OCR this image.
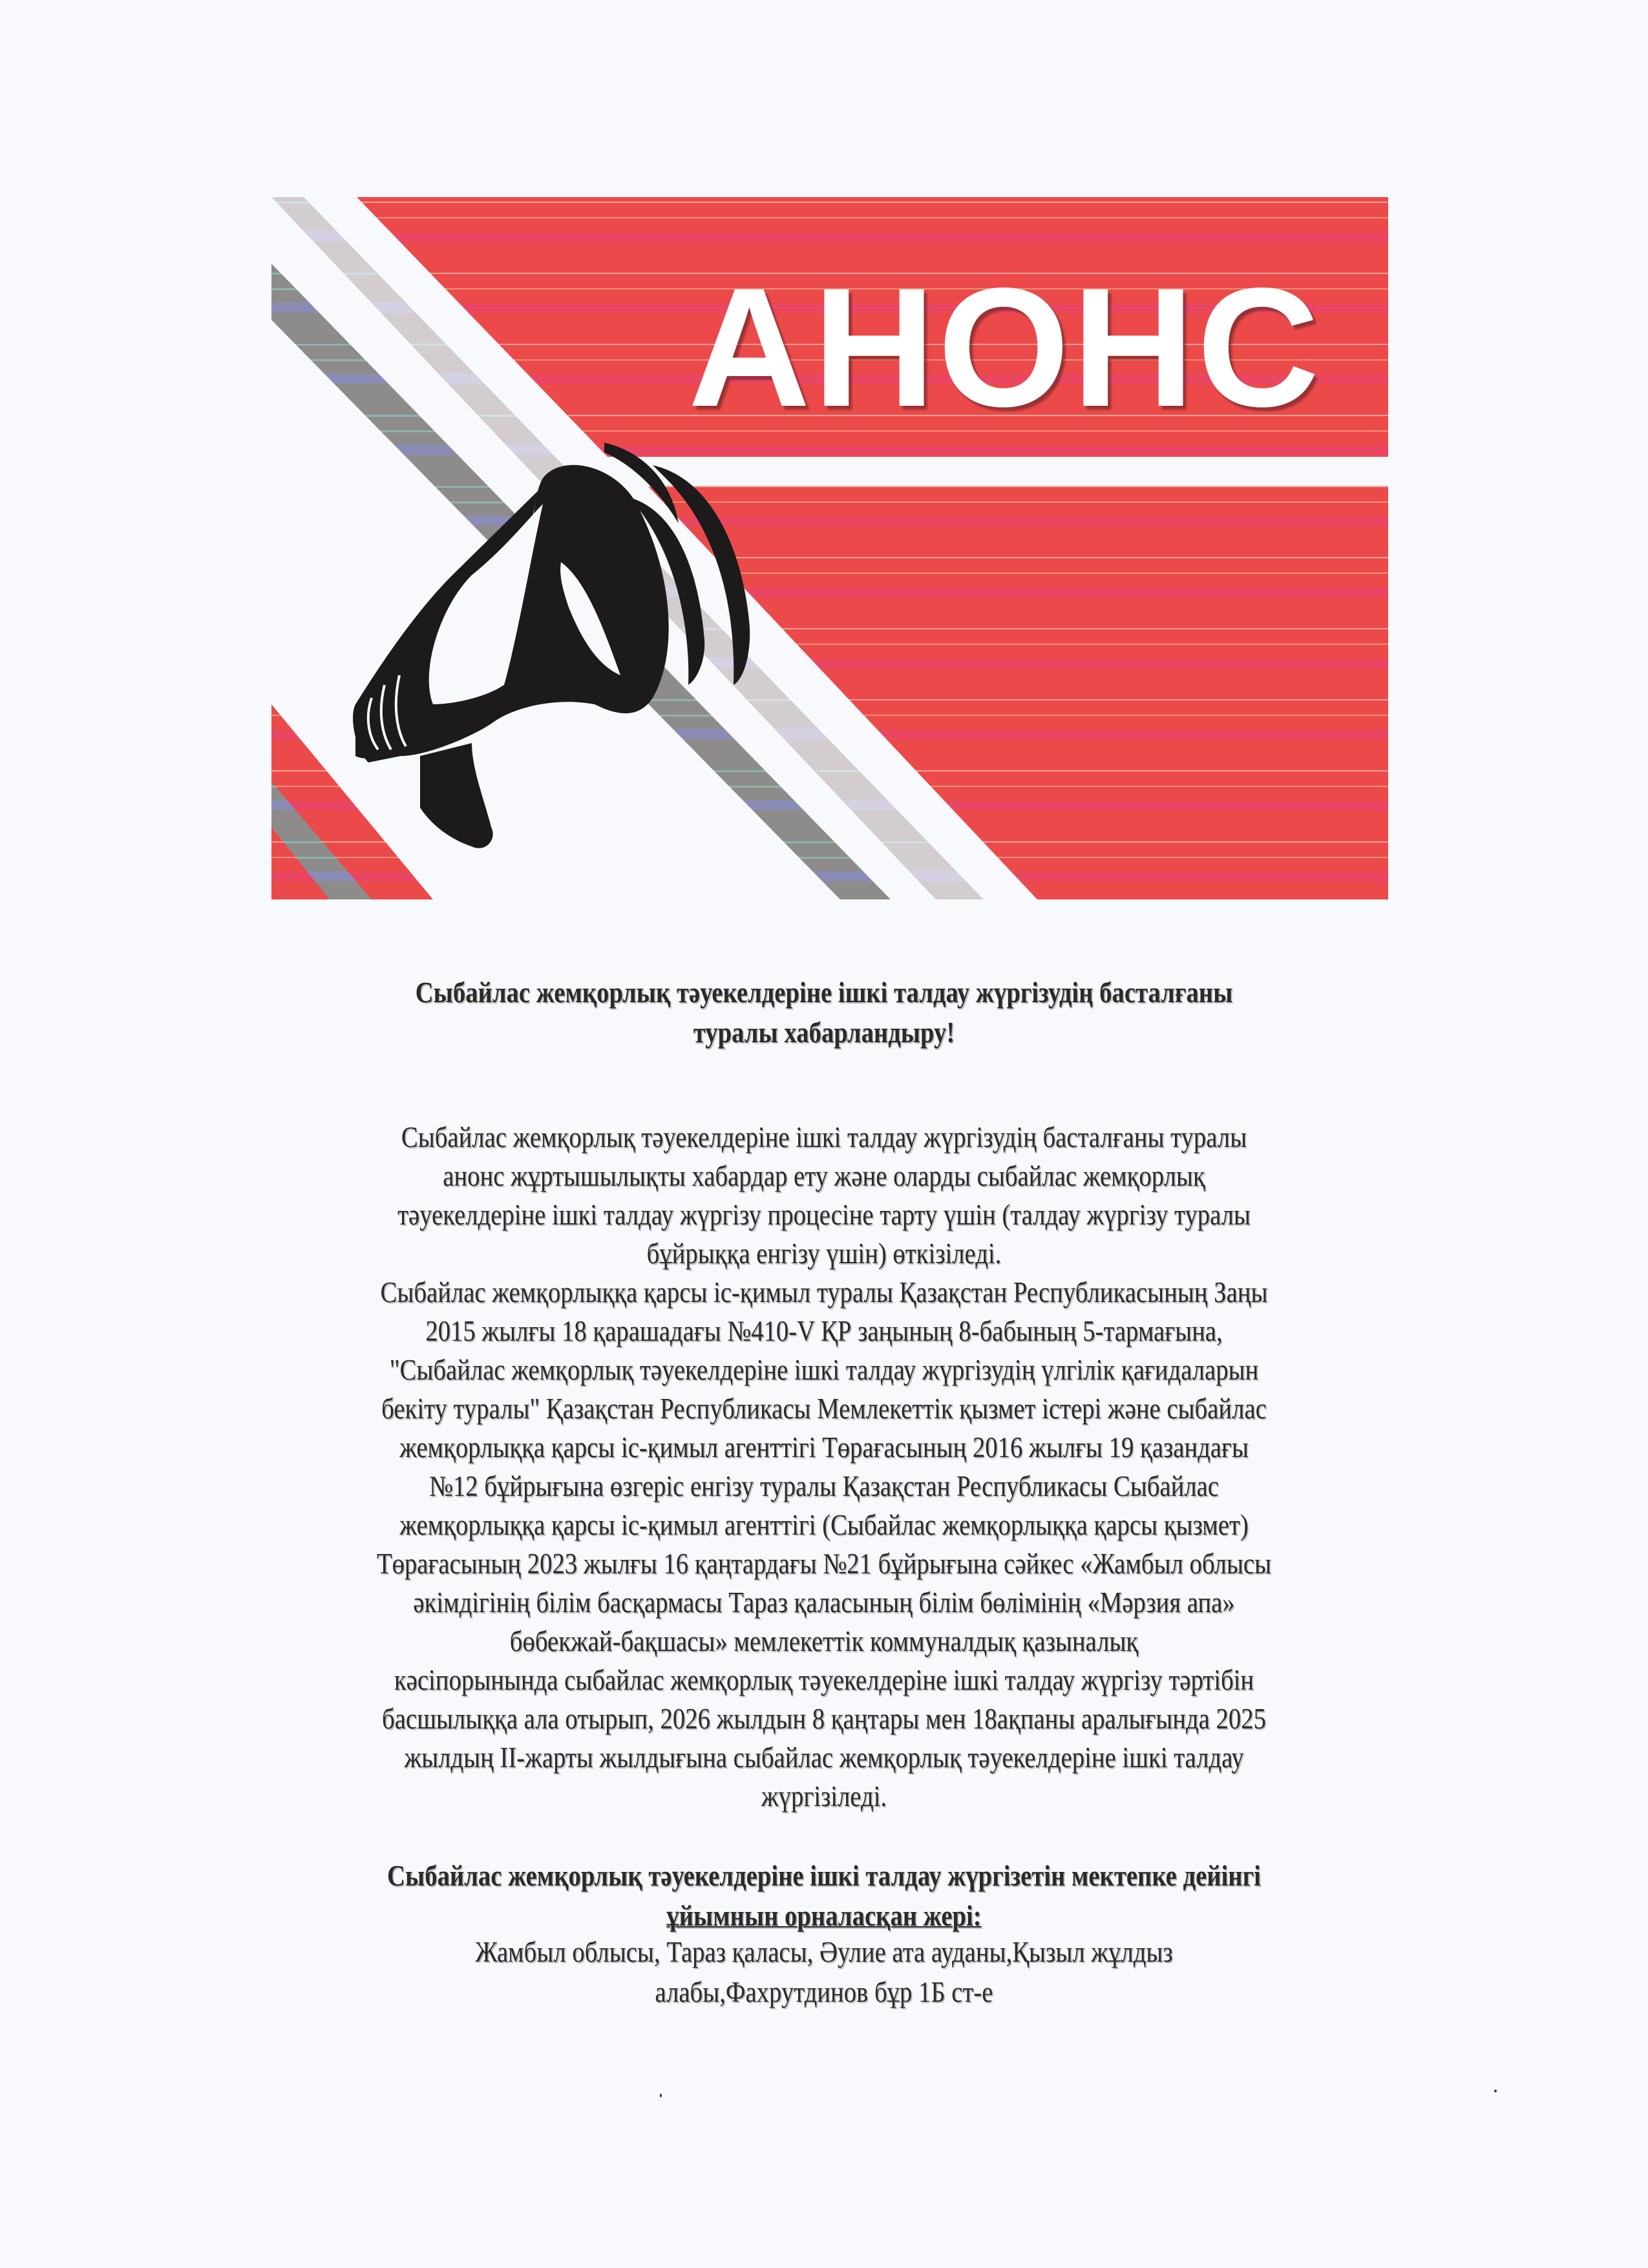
АНОНС
Сыбайлас жемқорлық тәуекелдеріне ішкі талдау жүргізудің басталғаны
туралы хабарландыру!
Сыбайлас жемқорлық тәуекелдеріне ішкі талдау жүргізудің басталғаны туралы
анонс жұртышылықты хабардар ету және оларды сыбайлас жемқорлық
тәуекелдеріне ішкі талдау жүргізу процесіне тарту үшін (талдау жүргізу туралы
бұйрыққа енгізу үшін) өткізіледі.
Сыбайлас жемқорлыққа қарсы іс-қимыл туралы Қазақстан Республикасының Заңы
2015 жылғы 18 қарашадағы №410-V ҚР заңының 8-бабының 5-тармағына,
"Сыбайлас жемқорлық тәуекелдеріне ішкі талдау жүргізудің үлгілік қағидаларын
бекіту туралы" Қазақстан Республикасы Мемлекеттік қызмет істері және сыбайлас
жемқорлыққа қарсы іс-қимыл агенттігі Төрағасының 2016 жылғы 19 қазандағы
№12 бұйрығына өзгеріс енгізу туралы Қазақстан Республикасы Сыбайлас
жемқорлыққа қарсы іс-қимыл агенттігі (Сыбайлас жемқорлыққа қарсы қызмет)
Төрағасының 2023 жылғы 16 қаңтардағы №21 бұйрығына сәйкес «Жамбыл облысы
әкімдігінің білім басқармасы Тараз қаласының білім бөлімінің «Мәрзия апа»
бөбекжай-бақшасы» мемлекеттік коммуналдық қазыналық
кәсіпорынында сыбайлас жемқорлық тәуекелдеріне ішкі талдау жүргізу тәртібін
басшылыққа ала отырып, 2026 жылдын 8 қаңтары мен 18ақпаны аралығында 2025
жылдың ІІ-жарты жылдығына сыбайлас жемқорлық тәуекелдеріне ішкі талдау
жүргізіледі.
Сыбайлас жемқорлық тәуекелдеріне ішкі талдау жүргізетін мектепке дейінгі
ұйымнын орналасқан жері:
Жамбыл облысы, Тараз қаласы, Әулие ата ауданы,Қызыл жұлдыз
алабы,Фахрутдинов бұр 1Б ст-е
